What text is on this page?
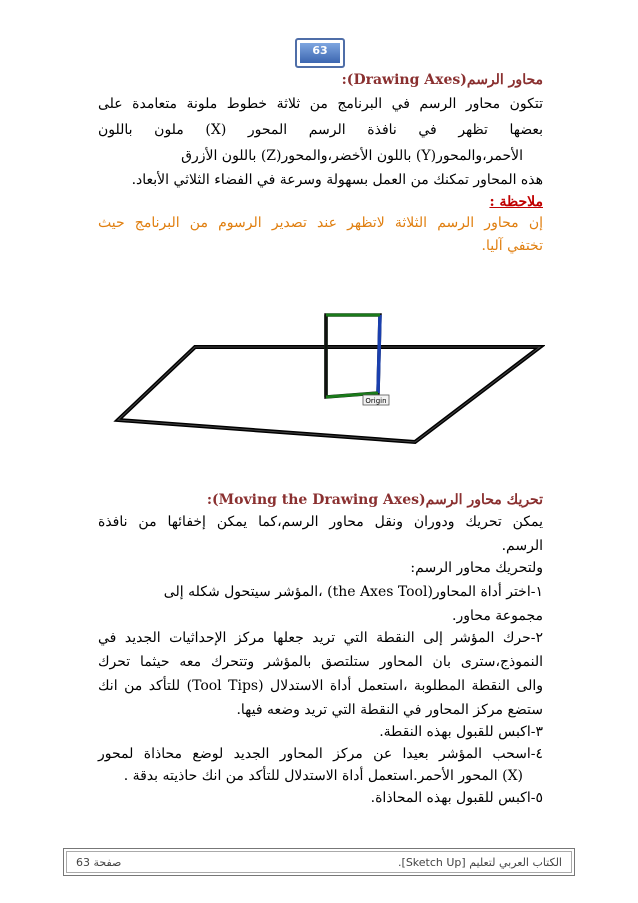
63
محاور الرسم(Drawing Axes):
تتكون محاور الرسم في البرنامج من ثلاثة خطوط ملونة متعامدة على
بعضها تظهر في نافذة الرسم المحور (X) ملون باللون
الأحمر،والمحور(Y) باللون الأخضر،والمحور(Z) باللون الأزرق
هذه المحاور تمكنك من العمل بسهولة وسرعة في الفضاء الثلاثي الأبعاد.
ملاحظة :
إن محاور الرسم الثلاثة لاتظهر عند تصدير الرسوم من البرنامج حيث
تختفي آليا.
Origin
تحريك محاور الرسم(Moving the Drawing Axes):
يمكن تحريك ودوران ونقل محاور الرسم،كما يمكن إخفائها من نافذة
الرسم.
ولتحريك محاور الرسم:
١-اختر أداة المحاور(the Axes Tool) ،المؤشر سيتحول شكله إلى
مجموعة محاور.
٢-حرك المؤشر إلى النقطة التي تريد جعلها مركز الإحداثيات الجديد في
النموذج،سترى بان المحاور ستلتصق بالمؤشر وتتحرك معه حيثما تحرك
والى النقطة المطلوبة ،استعمل أداة الاستدلال (Tool Tips) للتأكد من انك
ستضع مركز المحاور في النقطة التي تريد وضعه فيها.
٣-اكبس للقبول بهذه النقطة.
٤-اسحب المؤشر بعيدا عن مركز المحاور الجديد لوضع محاذاة لمحور
(X) المحور الأحمر.استعمل أداة الاستدلال للتأكد من انك حاذيته بدقة .
٥-اكبس للقبول بهذه المحاذاة.
صفحة 63	الكتاب العربي لتعليم [Sketch Up].
